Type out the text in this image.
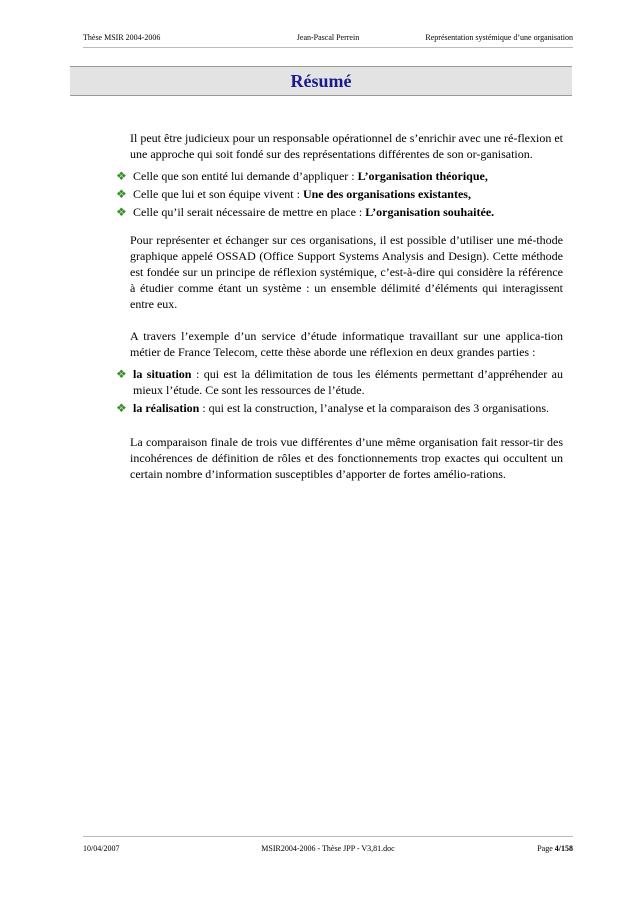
Thèse MSIR 2004-2006	Jean-Pascal Perrein	Représentation systémique d’une organisation
Résumé

Il peut être judicieux pour un responsable opérationnel de s’enrichir avec une ré-flexion et une approche qui soit fondé sur des représentations différentes de son or-ganisation.

❖ Celle que son entité lui demande d’appliquer : L’organisation théorique,
❖ Celle que lui et son équipe vivent : Une des organisations existantes,
❖ Celle qu’il serait nécessaire de mettre en place : L’organisation souhaitée.

Pour représenter et échanger sur ces organisations, il est possible d’utiliser une mé-thode graphique appelé OSSAD (Office Support Systems Analysis and Design). Cette méthode est fondée sur un principe de réflexion systémique, c’est-à-dire qui considère la référence à étudier comme étant un système : un ensemble délimité d’éléments qui interagissent entre eux.

A travers l’exemple d’un service d’étude informatique travaillant sur une applica-tion métier de France Telecom, cette thèse aborde une réflexion en deux grandes parties :

❖ la situation : qui est la délimitation de tous les éléments permettant d’appréhender au mieux l’étude. Ce sont les ressources de l’étude.
❖ la réalisation : qui est la construction, l’analyse et la comparaison des 3 organisations.

La comparaison finale de trois vue différentes d’une même organisation fait ressor-tir des incohérences de définition de rôles et des fonctionnements trop exactes qui occultent un certain nombre d’information susceptibles d’apporter de fortes amélio-rations.

10/04/2007	MSIR2004-2006 - Thèse JPP - V3,81.doc	Page 4/158
